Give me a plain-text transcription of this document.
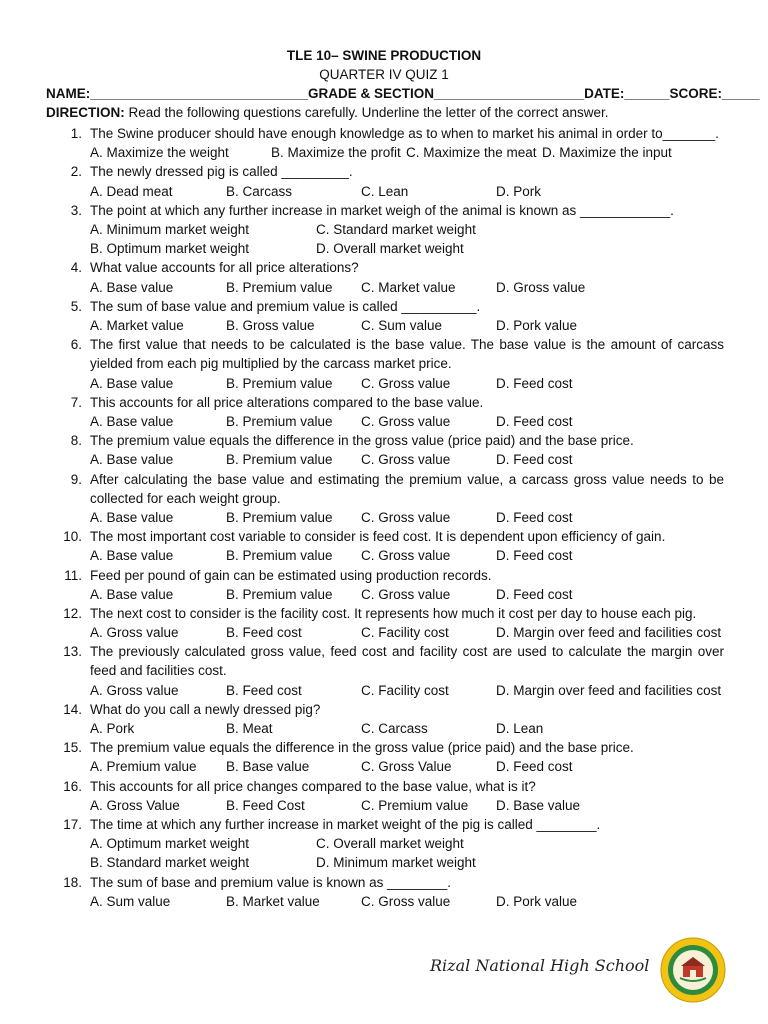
TLE 10– SWINE PRODUCTION
QUARTER IV QUIZ 1
NAME:_____________________________GRADE & SECTION____________________DATE:______SCORE:_____
DIRECTION: Read the following questions carefully. Underline the letter of the correct answer.
1. The Swine producer should have enough knowledge as to when to market his animal in order to_______.
A. Maximize the weight	B. Maximize the profit C. Maximize the meat D. Maximize the input
2. The newly dressed pig is called _________.
A. Dead meat	B. Carcass	C. Lean	D. Pork
3. The point at which any further increase in market weigh of the animal is known as ____________.
A. Minimum market weight	C. Standard market weight
B. Optimum market weight	D. Overall market weight
4. What value accounts for all price alterations?
A. Base value	B. Premium value C. Market value	D. Gross value
5. The sum of base value and premium value is called __________.
A. Market value	B. Gross value	C. Sum value	D. Pork value
6. The first value that needs to be calculated is the base value. The base value is the amount of carcass yielded from each pig multiplied by the carcass market price.
A. Base value	B. Premium value C. Gross value	D. Feed cost
7. This accounts for all price alterations compared to the base value.
A. Base value	B. Premium value C. Gross value	D. Feed cost
8. The premium value equals the difference in the gross value (price paid) and the base price.
A. Base value	B. Premium value C. Gross value	D. Feed cost
9. After calculating the base value and estimating the premium value, a carcass gross value needs to be collected for each weight group.
A. Base value	B. Premium value C. Gross value	D. Feed cost
10. The most important cost variable to consider is feed cost. It is dependent upon efficiency of gain.
A. Base value	B. Premium value C. Gross value	D. Feed cost
11. Feed per pound of gain can be estimated using production records.
A. Base value	B. Premium value C. Gross value	D. Feed cost
12. The next cost to consider is the facility cost. It represents how much it cost per day to house each pig.
A. Gross value	B. Feed cost	C. Facility cost	D. Margin over feed and facilities cost
13. The previously calculated gross value, feed cost and facility cost are used to calculate the margin over feed and facilities cost.
A. Gross value	B. Feed cost	C. Facility cost	D. Margin over feed and facilities cost
14. What do you call a newly dressed pig?
A. Pork	B. Meat	C. Carcass	D. Lean
15. The premium value equals the difference in the gross value (price paid) and the base price.
A. Premium value B. Base value	C. Gross Value	D. Feed cost
16. This accounts for all price changes compared to the base value, what is it?
A. Gross Value	B. Feed Cost	C. Premium value D. Base value
17. The time at which any further increase in market weight of the pig is called ________.
A. Optimum market weight	C. Overall market weight
B. Standard market weight	D. Minimum market weight
18. The sum of base and premium value is known as ________.
A. Sum value	B. Market value	C. Gross value	D. Pork value
Rizal National High School
